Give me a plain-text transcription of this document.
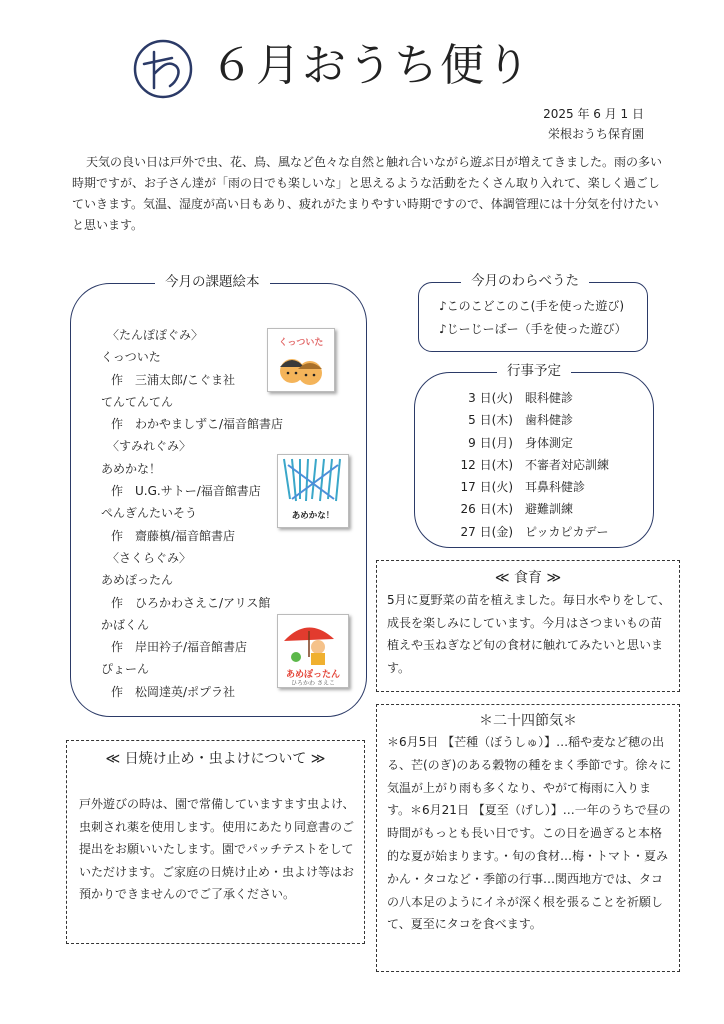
６月おうち便り
2025 年 6 月 1 日
栄根おうち保育園
天気の良い日は戸外で虫、花、鳥、風など色々な自然と触れ合いながら遊ぶ日が増えてきました。雨の多い時期ですが、お子さん達が「雨の日でも楽しいな」と思えるような活動をたくさん取り入れて、楽しく過ごしていきます。気温、湿度が高い日もあり、疲れがたまりやすい時期ですので、体調管理には十分気を付けたいと思います。
今月の課題絵本
〈たんぽぽぐみ〉
くっついた
作　三浦太郎/こぐま社
てんてんてん
作　わかやましずこ/福音館書店
〈すみれぐみ〉
あめかな！
作　U.G.サトー/福音館書店
ぺんぎんたいそう
作　齋藤槙/福音館書店
〈さくらぐみ〉
あめぽったん
作　ひろかわさえこ/アリス館
かばくん
作　岸田衿子/福音館書店
ぴょーん
作　松岡達英/ポプラ社
くっついた
あめかな！
あめぽったん
ひろかわ さえこ
今月のわらべうた
♪このこどこのこ(手を使った遊び)
♪じーじーばー（手を使った遊び）
行事予定
3 日(火) 眼科健診
5 日(木) 歯科健診
9 日(月) 身体測定
12 日(木) 不審者対応訓練
17 日(火) 耳鼻科健診
26 日(木) 避難訓練
27 日(金) ピッカピカデー
≪ 食育 ≫
5月に夏野菜の苗を植えました。毎日水やりをして、成長を楽しみにしています。今月はさつまいもの苗植えや玉ねぎなど旬の食材に触れてみたいと思います。
＊二十四節気＊
＊6月5日 【芒種（ぼうしゅ）】…稲や麦など穂の出る、芒(のぎ)のある穀物の種をまく季節です。徐々に気温が上がり雨も多くなり、やがて梅雨に入ります。＊6月21日 【夏至（げし）】…一年のうちで昼の時間がもっとも長い日です。この日を過ぎると本格的な夏が始まります。・旬の食材…梅・トマト・夏みかん・タコなど・季節の行事…関西地方では、タコの八本足のようにイネが深く根を張ることを祈願して、夏至にタコを食べます。
≪ 日焼け止め・虫よけについて ≫
戸外遊びの時は、園で常備していますます虫よけ、虫刺され薬を使用します。使用にあたり同意書のご提出をお願いいたします。園でパッチテストをしていただけます。ご家庭の日焼け止め・虫よけ等はお預かりできませんのでご了承ください。
